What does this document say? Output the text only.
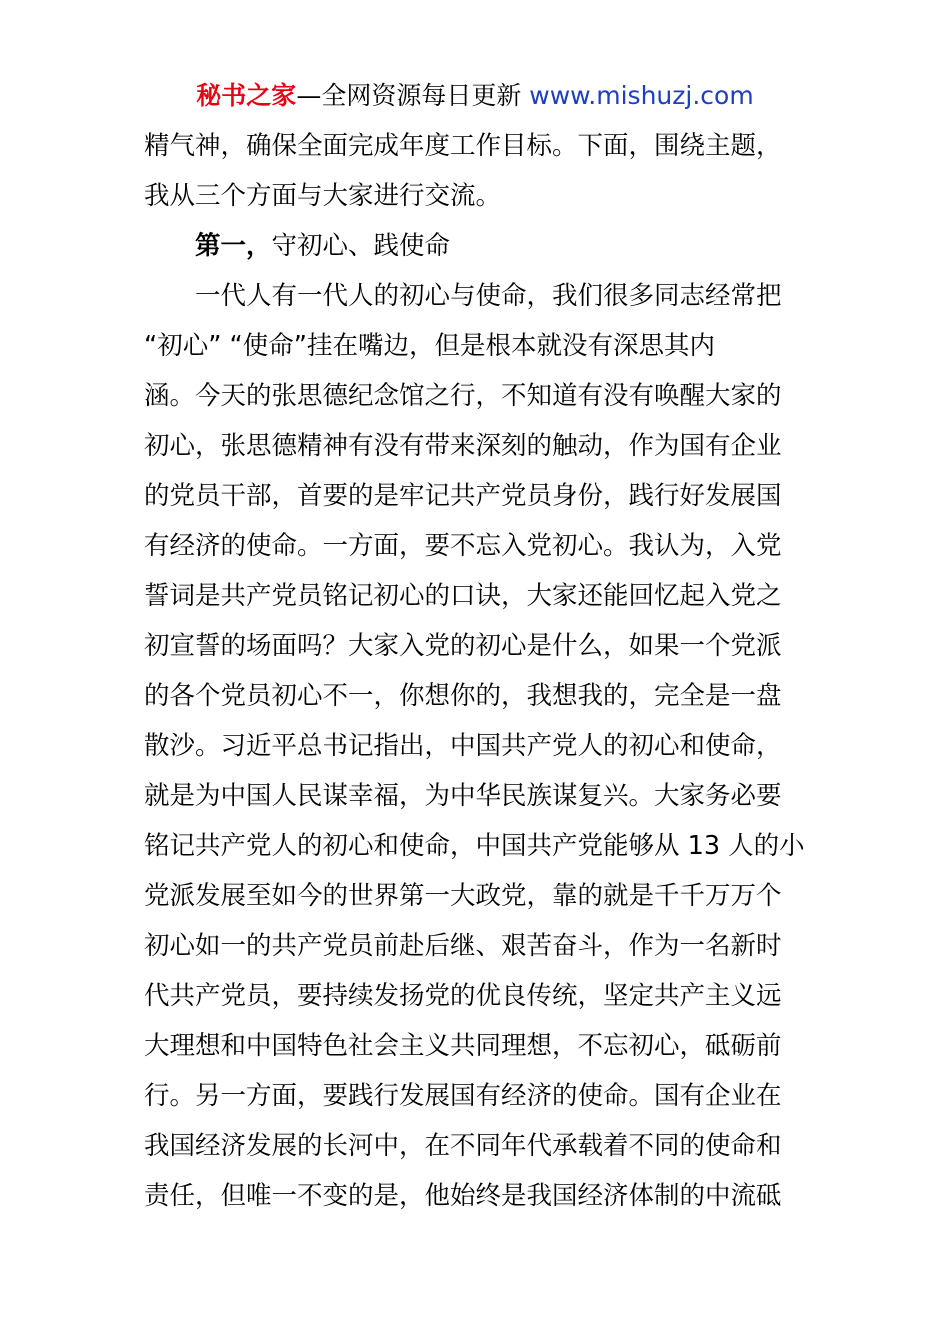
秘书之家—全网资源每日更新 www.mishuzj.com
精气神，确保全面完成年度工作目标。下面，围绕主题，
我从三个方面与大家进行交流。
第一，守初心、践使命
一代人有一代人的初心与使命，我们很多同志经常把
“初心” “使命”挂在嘴边，但是根本就没有深思其内
涵。今天的张思德纪念馆之行，不知道有没有唤醒大家的
初心，张思德精神有没有带来深刻的触动，作为国有企业
的党员干部，首要的是牢记共产党员身份，践行好发展国
有经济的使命。一方面，要不忘入党初心。我认为，入党
誓词是共产党员铭记初心的口诀，大家还能回忆起入党之
初宣誓的场面吗？大家入党的初心是什么，如果一个党派
的各个党员初心不一，你想你的，我想我的，完全是一盘
散沙。习近平总书记指出，中国共产党人的初心和使命，
就是为中国人民谋幸福，为中华民族谋复兴。大家务必要
铭记共产党人的初心和使命，中国共产党能够从 13 人的小
党派发展至如今的世界第一大政党，靠的就是千千万万个
初心如一的共产党员前赴后继、艰苦奋斗，作为一名新时
代共产党员，要持续发扬党的优良传统，坚定共产主义远
大理想和中国特色社会主义共同理想，不忘初心，砥砺前
行。另一方面，要践行发展国有经济的使命。国有企业在
我国经济发展的长河中，在不同年代承载着不同的使命和
责任，但唯一不变的是，他始终是我国经济体制的中流砥
